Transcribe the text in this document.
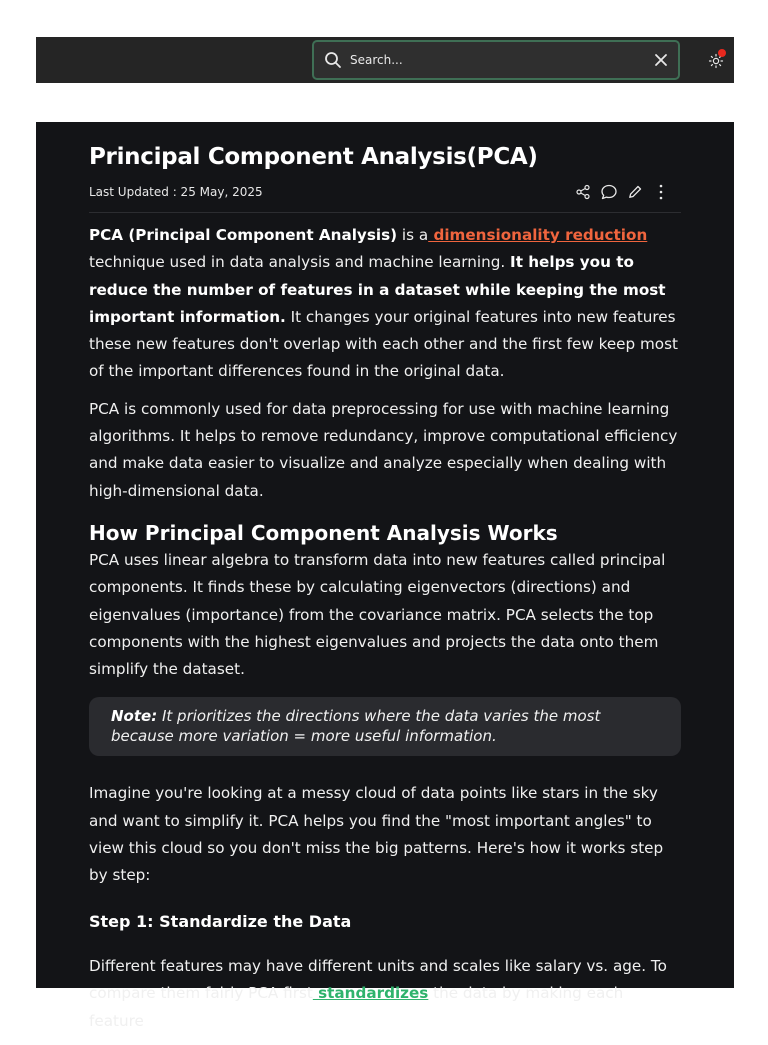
Search...
Principal Component Analysis(PCA)
Last Updated : 25 May, 2025

PCA (Principal Component Analysis) is a dimensionality reduction technique used in data analysis and machine learning. It helps you to reduce the number of features in a dataset while keeping the most important information. It changes your original features into new features these new features don't overlap with each other and the first few keep most of the important differences found in the original data.

PCA is commonly used for data preprocessing for use with machine learning algorithms. It helps to remove redundancy, improve computational efficiency and make data easier to visualize and analyze especially when dealing with high-dimensional data.

How Principal Component Analysis Works

PCA uses linear algebra to transform data into new features called principal components. It finds these by calculating eigenvectors (directions) and eigenvalues (importance) from the covariance matrix. PCA selects the top components with the highest eigenvalues and projects the data onto them simplify the dataset.

Note: It prioritizes the directions where the data varies the most because more variation = more useful information.

Imagine you're looking at a messy cloud of data points like stars in the sky and want to simplify it. PCA helps you find the "most important angles" to view this cloud so you don't miss the big patterns. Here's how it works step by step:

Step 1: Standardize the Data

Different features may have different units and scales like salary vs. age. To compare them fairly PCA first standardizes the data by making each feature
